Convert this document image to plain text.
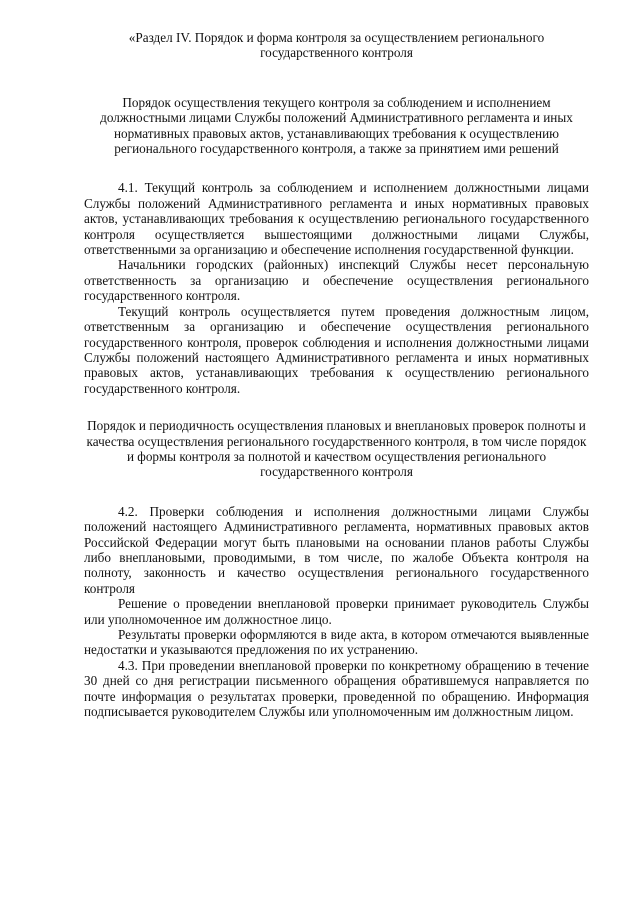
«Раздел IV. Порядок и форма контроля за осуществлением регионального государственного контроля

Порядок осуществления текущего контроля за соблюдением и исполнением должностными лицами Службы положений Административного регламента и иных нормативных правовых актов, устанавливающих требования к осуществлению регионального государственного контроля, а также за принятием ими решений

4.1. Текущий контроль за соблюдением и исполнением должностными лицами Службы положений Административного регламента и иных нормативных правовых актов, устанавливающих требования к осуществлению регионального государственного контроля осуществляется вышестоящими должностными лицами Службы, ответственными за организацию и обеспечение исполнения государственной функции.

Начальники городских (районных) инспекций Службы несет персональную ответственность за организацию и обеспечение осуществления регионального государственного контроля.

Текущий контроль осуществляется путем проведения должностным лицом, ответственным за организацию и обеспечение осуществления регионального государственного контроля, проверок соблюдения и исполнения должностными лицами Службы положений настоящего Административного регламента и иных нормативных правовых актов, устанавливающих требования к осуществлению регионального государственного контроля.

Порядок и периодичность осуществления плановых и внеплановых проверок полноты и качества осуществления регионального государственного контроля, в том числе порядок и формы контроля за полнотой и качеством осуществления регионального государственного контроля

4.2. Проверки соблюдения и исполнения должностными лицами Службы положений настоящего Административного регламента, нормативных правовых актов Российской Федерации могут быть плановыми на основании планов работы Службы либо внеплановыми, проводимыми, в том числе, по жалобе Объекта контроля на полноту, законность и качество осуществления регионального государственного контроля

Решение о проведении внеплановой проверки принимает руководитель Службы или уполномоченное им должностное лицо.

Результаты проверки оформляются в виде акта, в котором отмечаются выявленные недостатки и указываются предложения по их устранению.

4.3. При проведении внеплановой проверки по конкретному обращению в течение 30 дней со дня регистрации письменного обращения обратившемуся направляется по почте информация о результатах проверки, проведенной по обращению. Информация подписывается руководителем Службы или уполномоченным им должностным лицом.
